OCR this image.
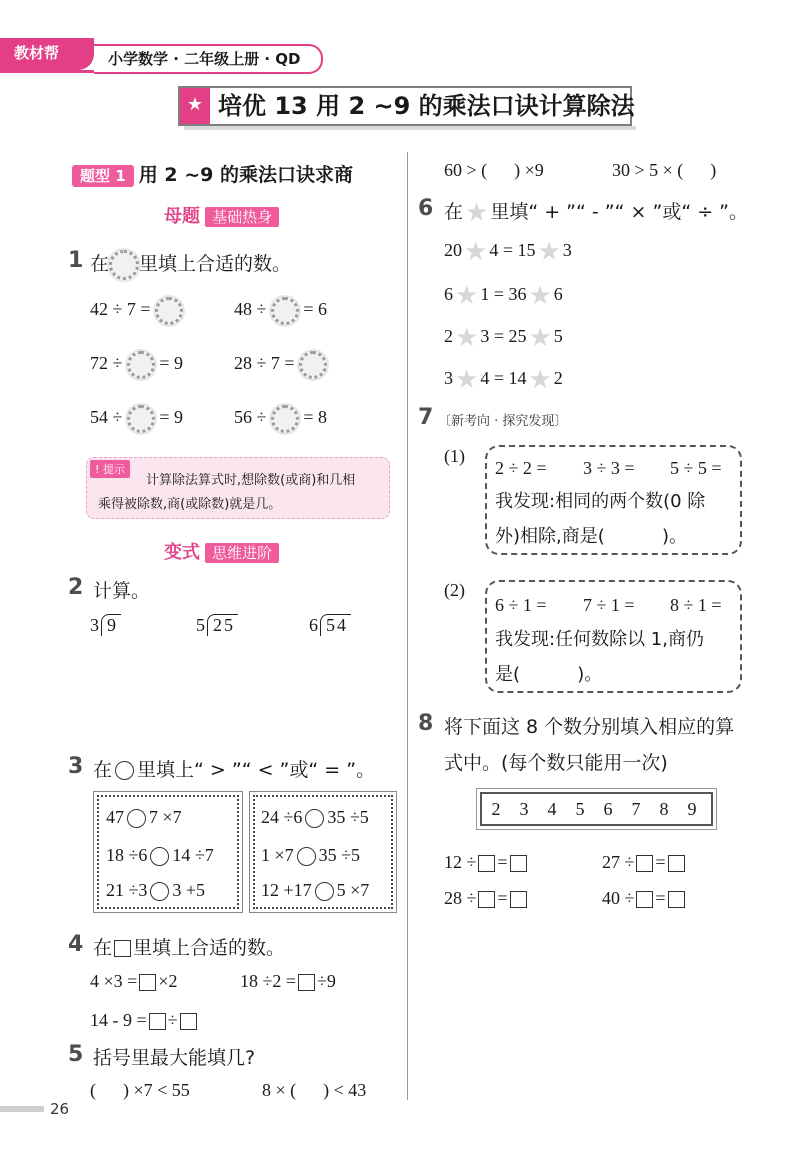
教材帮	小学数学 · 二年级上册 · QD
★ 培优 13 用 2 ~9 的乘法口诀计算除法
题型 1 用 2 ~9 的乘法口诀求商
母题 基础热身
1 在 里填上合适的数。
42 ÷ 7 =	48 ÷ = 6
72 ÷ = 9	28 ÷ 7 =
54 ÷ = 9	56 ÷ = 8
! 提示
计算除法算式时,想除数(或商)和几相
乘得被除数,商(或除数)就是几。
变式 思维进阶
2 计算。
3 9	5 25	6 54
3 在 里填上“ > ”“ < ”或“ = ”。
47 7 ×7
18 ÷6 14 ÷7
21 ÷3 3 +5
24 ÷6 35 ÷5
1 ×7 35 ÷5
12 +17 5 ×7
4 在 里填上合适的数。
4 ×3 = ×2	18 ÷2 = ÷9
14 - 9 = ÷
5 括号里最大能填几?
(      ) ×7 < 55	8 × (      ) < 43
60 > (      ) ×9	30 > 5 × (      )
6 在★ 里填“ + ”“ - ”“ × ”或“ ÷ ”。
20★ 4 = 15★ 3
6★ 1 = 36★ 6
2★ 3 = 25★ 5
3★ 4 = 14★ 2
7 〔新考向 · 探究发现〕
(1)
2 ÷ 2 = 3 ÷ 3 = 5 ÷ 5 =
我发现:相同的两个数(0 除
外)相除,商是(          )。
(2)
6 ÷ 1 = 7 ÷ 1 = 8 ÷ 1 =
我发现:任何数除以 1,商仍
是(          )。
8 将下面这 8 个数分别填入相应的算
式中。(每个数只能用一次)
2 3 4 5 6 7 8 9
12 ÷ =	27 ÷ =
28 ÷ =	40 ÷ =
26
